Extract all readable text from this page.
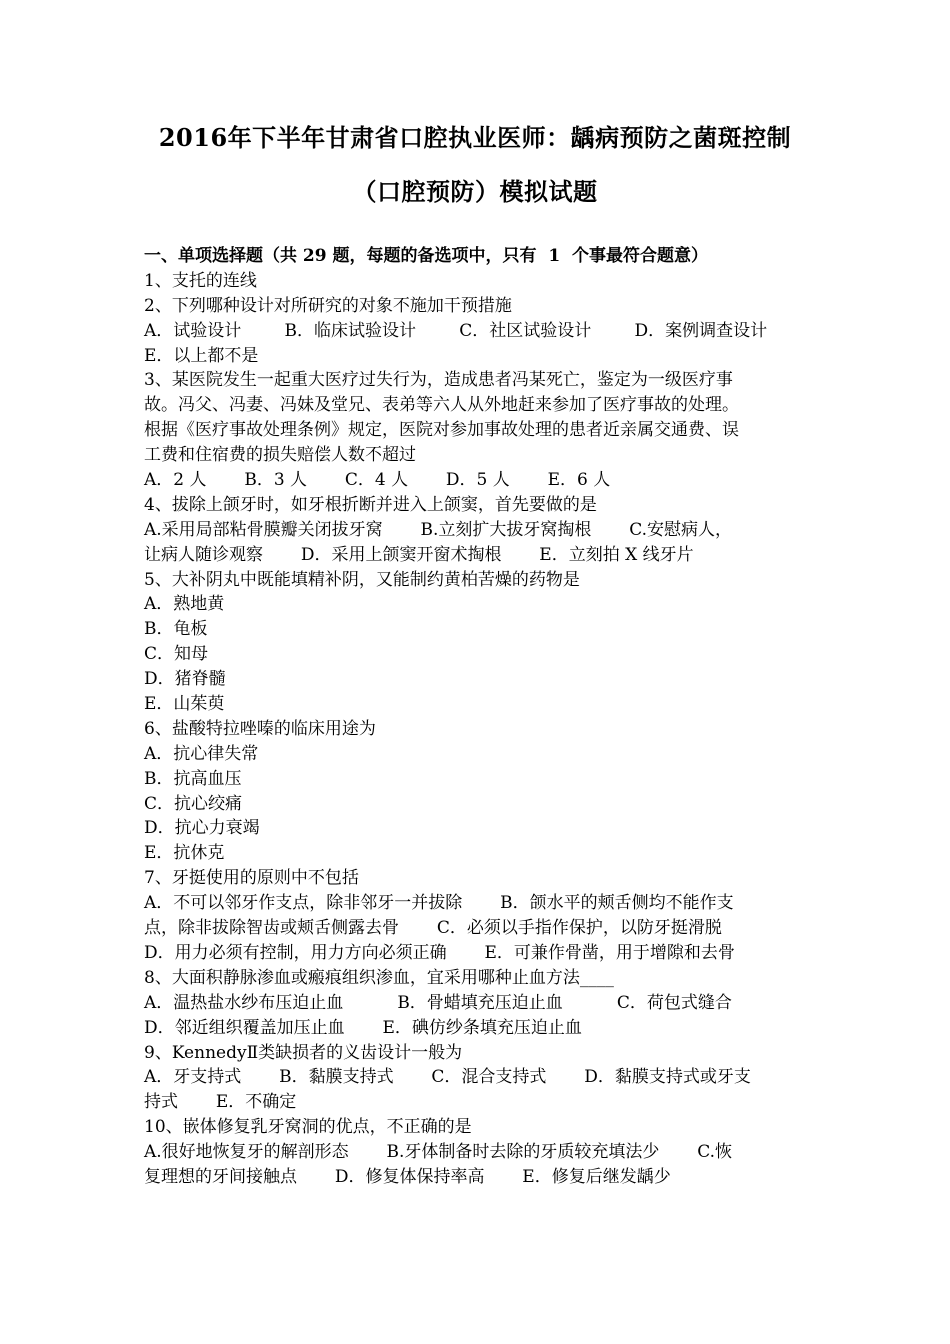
2016年下半年甘肃省口腔执业医师：龋病预防之菌斑控制
（口腔预防）模拟试题
一、单项选择题（共 29 题，每题的备选项中，只有  1  个事最符合题意）
1、支托的连线
2、下列哪种设计对所研究的对象不施加干预措施
A．试验设计        B．临床试验设计        C．社区试验设计        D．案例调查设计
E．以上都不是
3、某医院发生一起重大医疗过失行为，造成患者冯某死亡，鉴定为一级医疗事
故。冯父、冯妻、冯妹及堂兄、表弟等六人从外地赶来参加了医疗事故的处理。
根据《医疗事故处理条例》规定，医院对参加事故处理的患者近亲属交通费、误
工费和住宿费的损失赔偿人数不超过
A．2 人       B．3 人       C．4 人       D．5 人       E．6 人
4、拔除上颌牙时，如牙根折断并进入上颌窦，首先要做的是
A.采用局部粘骨膜瓣关闭拔牙窝       B.立刻扩大拔牙窝掏根       C.安慰病人，
让病人随诊观察       D．采用上颌窦开窗术掏根       E．立刻拍 X 线牙片
5、大补阴丸中既能填精补阴，又能制约黄柏苦燥的药物是
A．熟地黄
B．龟板
C．知母
D．猪脊髓
E．山茱萸
6、盐酸特拉唑嗪的临床用途为
A．抗心律失常
B．抗高血压
C．抗心绞痛
D．抗心力衰竭
E．抗休克
7、牙挺使用的原则中不包括
A．不可以邻牙作支点，除非邻牙一并拔除       B．颌水平的颊舌侧均不能作支
点，除非拔除智齿或颊舌侧露去骨       C．必须以手指作保护，以防牙挺滑脱
D．用力必须有控制，用力方向必须正确       E．可兼作骨凿，用于增隙和去骨
8、大面积静脉渗血或瘢痕组织渗血，宜采用哪种止血方法____
A．温热盐水纱布压迫止血          B．骨蜡填充压迫止血          C．荷包式缝合
D．邻近组织覆盖加压止血       E．碘仿纱条填充压迫止血
9、KennedyⅡ类缺损者的义齿设计一般为
A．牙支持式       B．黏膜支持式       C．混合支持式       D．黏膜支持式或牙支
持式       E．不确定
10、嵌体修复乳牙窝洞的优点，不正确的是
A.很好地恢复牙的解剖形态       B.牙体制备时去除的牙质较充填法少       C.恢
复理想的牙间接触点       D．修复体保持率高       E．修复后继发龋少
